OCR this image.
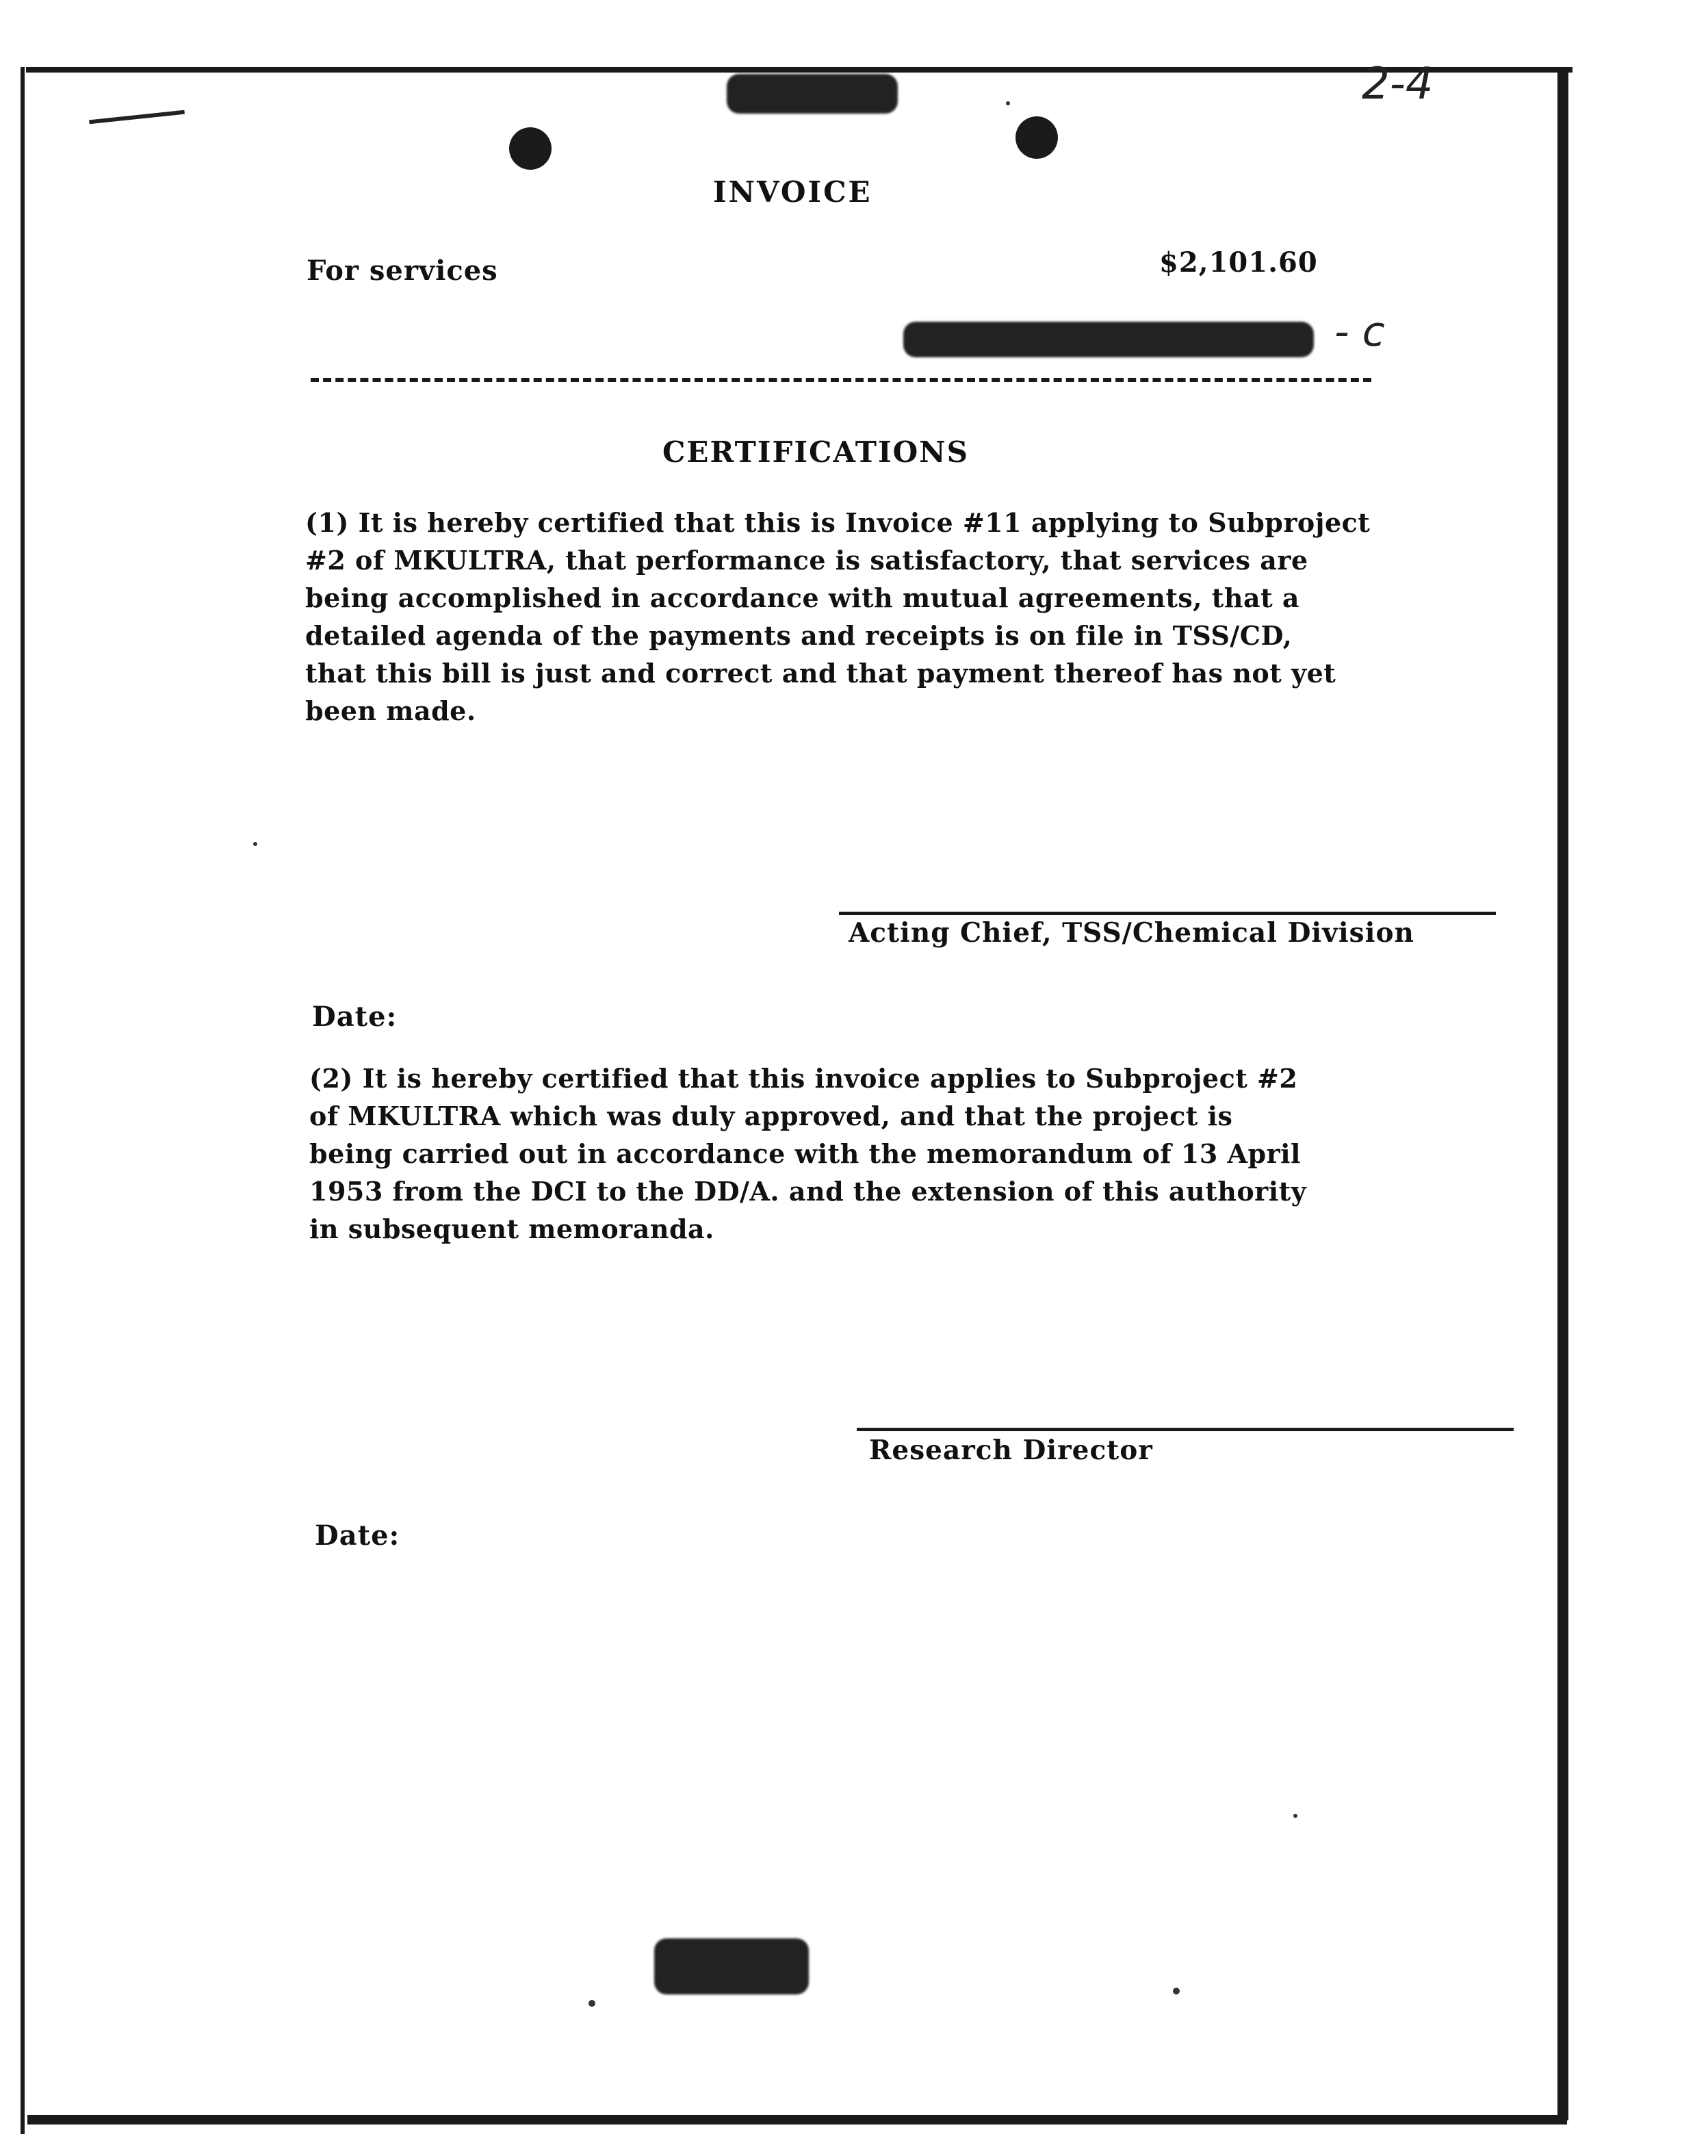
2-4
INVOICE
For services	$2,101.60
- c
CERTIFICATIONS
(1) It is hereby certified that this is Invoice #11 applying to Subproject
#2 of MKULTRA, that performance is satisfactory, that services are
being accomplished in accordance with mutual agreements, that a
detailed agenda of the payments and receipts is on file in TSS/CD,
that this bill is just and correct and that payment thereof has not yet
been made.
Acting Chief, TSS/Chemical Division
Date:
(2) It is hereby certified that this invoice applies to Subproject #2
of MKULTRA which was duly approved, and that the project is
being carried out in accordance with the memorandum of 13 April
1953 from the DCI to the DD/A. and the extension of this authority
in subsequent memoranda.
Research Director
Date:
